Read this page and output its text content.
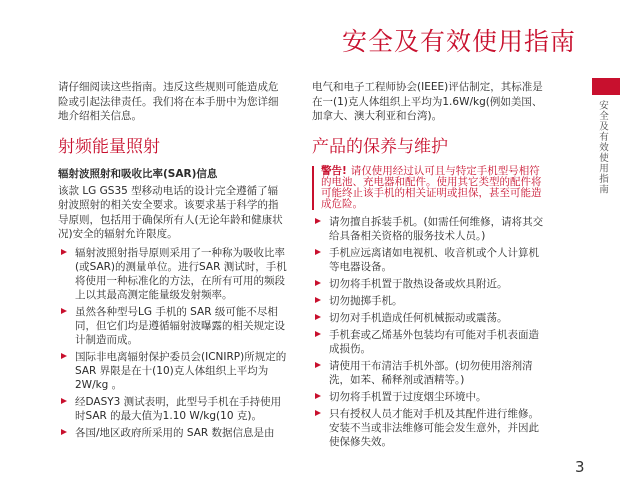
安全及有效使用指南

请仔细阅读这些指南。违反这些规则可能造成危险或引起法律责任。我们将在本手册中为您详细地介绍相关信息。

射频能量照射
辐射波照射和吸收比率(SAR)信息

该款 LG GS35 型移动电话的设计完全遵循了辐射波照射的相关安全要求。该要求基于科学的指导原则，包括用于确保所有人(无论年龄和健康状况)安全的辐射允许限度。

辐射波照射指导原则采用了一种称为吸收比率(或SAR)的测量单位。进行SAR 测试时，手机将使用一种标准化的方法，在所有可用的频段上以其最高测定能量级发射频率。
虽然各种型号LG 手机的 SAR 级可能不尽相同，但它们均是遵循辐射波曝露的相关规定设计制造而成。
国际非电离辐射保护委员会(ICNIRP)所规定的SAR 界限是在十(10)克人体组织上平均为2W/kg 。
经DASY3 测试表明，此型号手机在手持使用时SAR 的最大值为1.10 W/kg(10 克)。
各国/地区政府所采用的 SAR 数据信息是由

电气和电子工程师协会(IEEE)评估制定，其标准是在一(1)克人体组织上平均为1.6W/kg(例如美国、加拿大、澳大利亚和台湾)。

产品的保养与维护

警告! 请仅使用经过认可且与特定手机型号相符的电池、充电器和配件。使用其它类型的配件将可能终止该手机的相关证明或担保，甚至可能造成危险。

请勿擅自拆装手机。(如需任何维修，请将其交给具备相关资格的服务技术人员。)
手机应远离诸如电视机、收音机或个人计算机等电器设备。
切勿将手机置于散热设备或炊具附近。
切勿抛掷手机。
切勿对手机造成任何机械振动或震荡。
手机套或乙烯基外包装均有可能对手机表面造成损伤。
请使用干布清洁手机外部。(切勿使用溶剂清洗，如苯、稀释剂或酒精等。)
切勿将手机置于过度烟尘环境中。
只有授权人员才能对手机及其配件进行维修。安装不当或非法维修可能会发生意外，并因此使保修失效。
安全及有效使用指南
3
